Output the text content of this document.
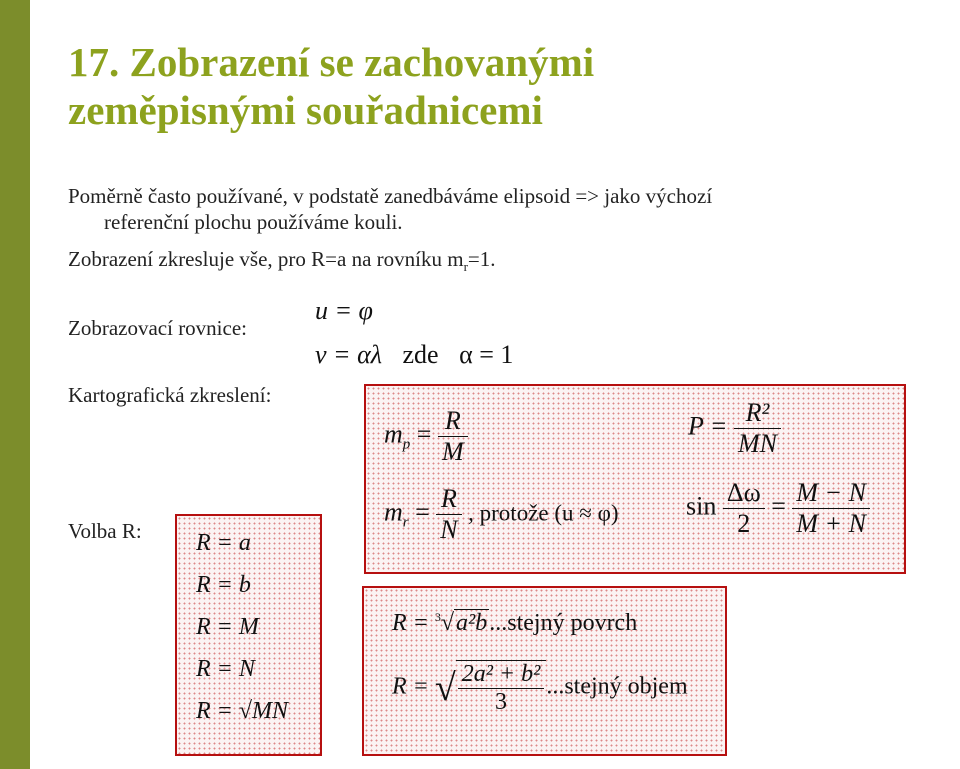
17. Zobrazení se zachovanými
zeměpisnými souřadnicemi
Poměrně často používané, v podstatě zanedbáváme elipsoid => jako výchozí
referenční plochu používáme kouli.
Zobrazení zkresluje vše, pro R=a na rovníku $m_r=1$.
Zobrazovací rovnice:
u = φ
v = αλ zde α = 1
Kartografická zkreslení:
$m_p = \frac{R}{M}$
$m_r = \frac{R}{N}$ , protože (u ≈ φ)
$P = \frac{\text{R²}}{MN}$
$\sin \frac{\Delta\omega}{2} = \frac{M - N}{M + N}$
Volba R: R = a
R = b
R = M
R = N
R = √MN
R = $^3$√a²b...stejný povrch
R = √ $\frac{\text{2a² + b²}}{3}$ ...stejný objem
